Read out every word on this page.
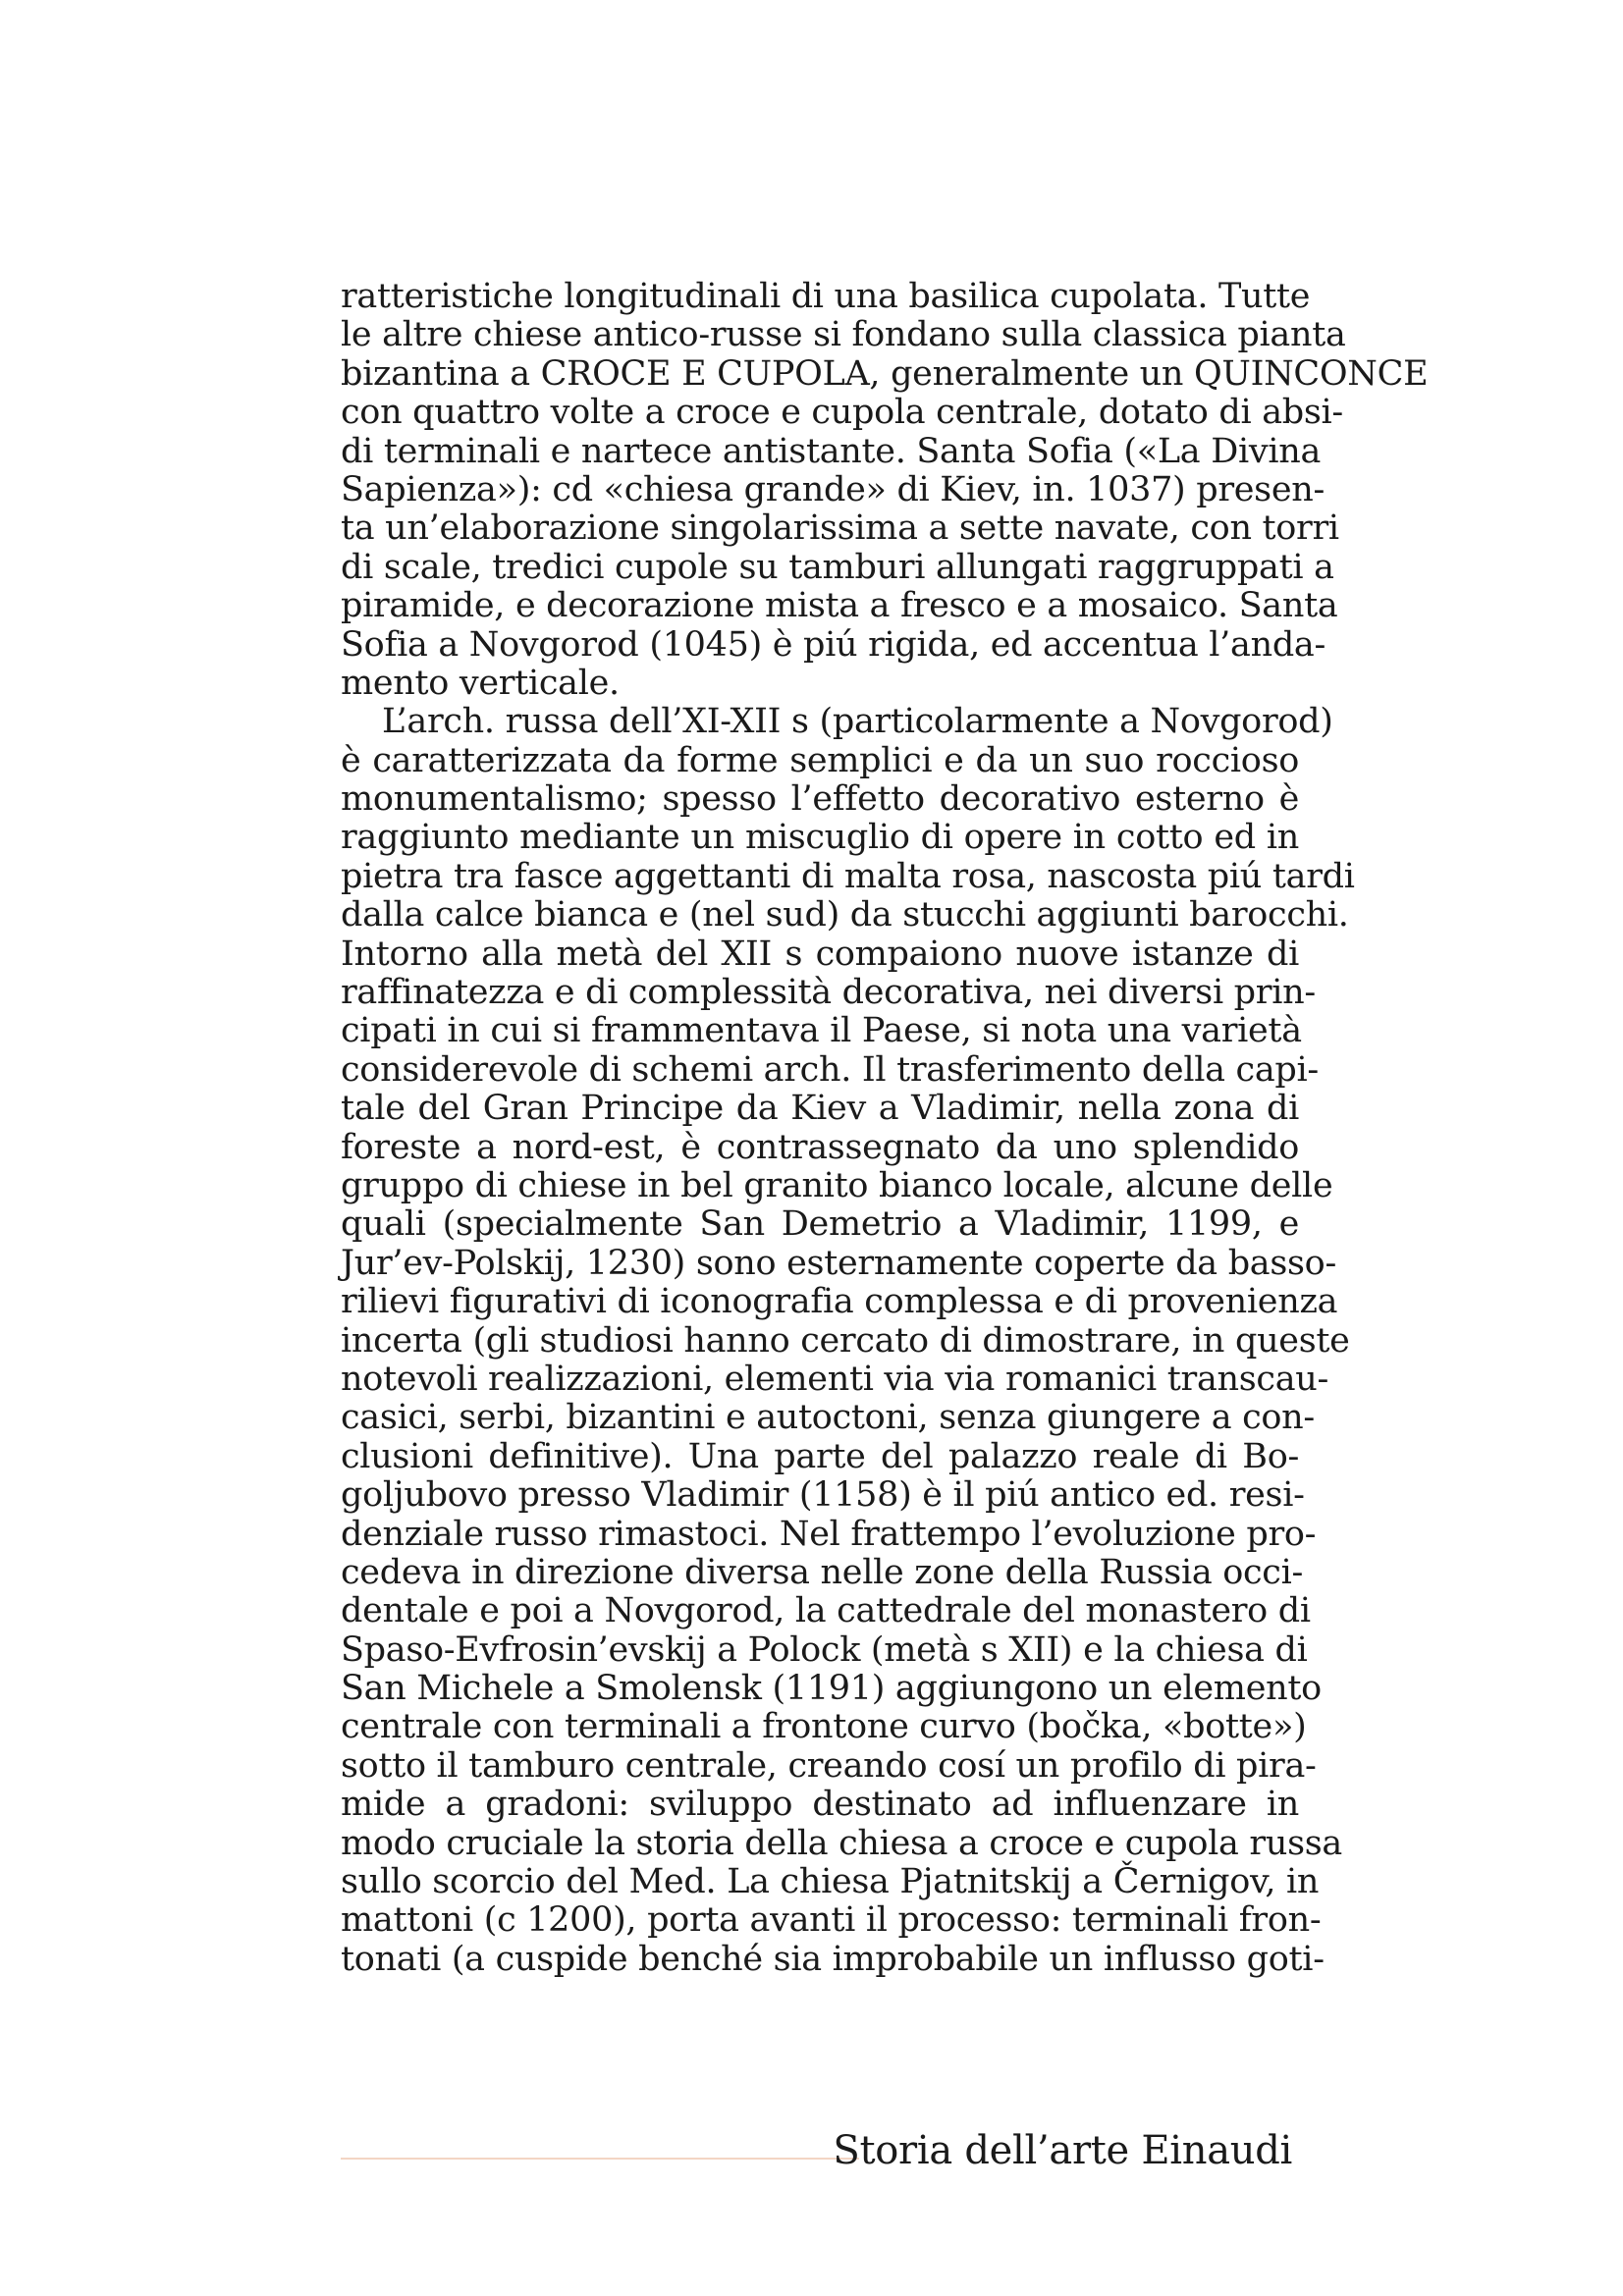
ratteristiche longitudinali di una basilica cupolata. Tutte
le altre chiese antico-russe si fondano sulla classica pianta
bizantina a CROCE E CUPOLA, generalmente un QUINCONCE
con quattro volte a croce e cupola centrale, dotato di absi-
di terminali e nartece antistante. Santa Sofia («La Divina
Sapienza»): cd «chiesa grande» di Kiev, in. 1037) presen-
ta un’elaborazione singolarissima a sette navate, con torri
di scale, tredici cupole su tamburi allungati raggruppati a
piramide, e decorazione mista a fresco e a mosaico. Santa
Sofia a Novgorod (1045) è piú rigida, ed accentua l’anda-
mento verticale.
L’arch. russa dell’XI-XII s (particolarmente a Novgorod)
è caratterizzata da forme semplici e da un suo roccioso
monumentalismo; spesso l’effetto decorativo esterno è
raggiunto mediante un miscuglio di opere in cotto ed in
pietra tra fasce aggettanti di malta rosa, nascosta piú tardi
dalla calce bianca e (nel sud) da stucchi aggiunti barocchi.
Intorno alla metà del XII s compaiono nuove istanze di
raffinatezza e di complessità decorativa, nei diversi prin-
cipati in cui si frammentava il Paese, si nota una varietà
considerevole di schemi arch. Il trasferimento della capi-
tale del Gran Principe da Kiev a Vladimir, nella zona di
foreste a nord-est, è contrassegnato da uno splendido
gruppo di chiese in bel granito bianco locale, alcune delle
quali (specialmente San Demetrio a Vladimir, 1199, e
Jur’ev-Polskij, 1230) sono esternamente coperte da basso-
rilievi figurativi di iconografia complessa e di provenienza
incerta (gli studiosi hanno cercato di dimostrare, in queste
notevoli realizzazioni, elementi via via romanici transcau-
casici, serbi, bizantini e autoctoni, senza giungere a con-
clusioni definitive). Una parte del palazzo reale di Bo-
goljubovo presso Vladimir (1158) è il piú antico ed. resi-
denziale russo rimastoci. Nel frattempo l’evoluzione pro-
cedeva in direzione diversa nelle zone della Russia occi-
dentale e poi a Novgorod, la cattedrale del monastero di
Spaso-Evfrosin’evskij a Polock (metà s XII) e la chiesa di
San Michele a Smolensk (1191) aggiungono un elemento
centrale con terminali a frontone curvo (bočka, «botte»)
sotto il tamburo centrale, creando cosí un profilo di pira-
mide a gradoni: sviluppo destinato ad influenzare in
modo cruciale la storia della chiesa a croce e cupola russa
sullo scorcio del Med. La chiesa Pjatnitskij a Černigov, in
mattoni (c 1200), porta avanti il processo: terminali fron-
tonati (a cuspide benché sia improbabile un influsso goti-
Storia dell’arte Einaudi
